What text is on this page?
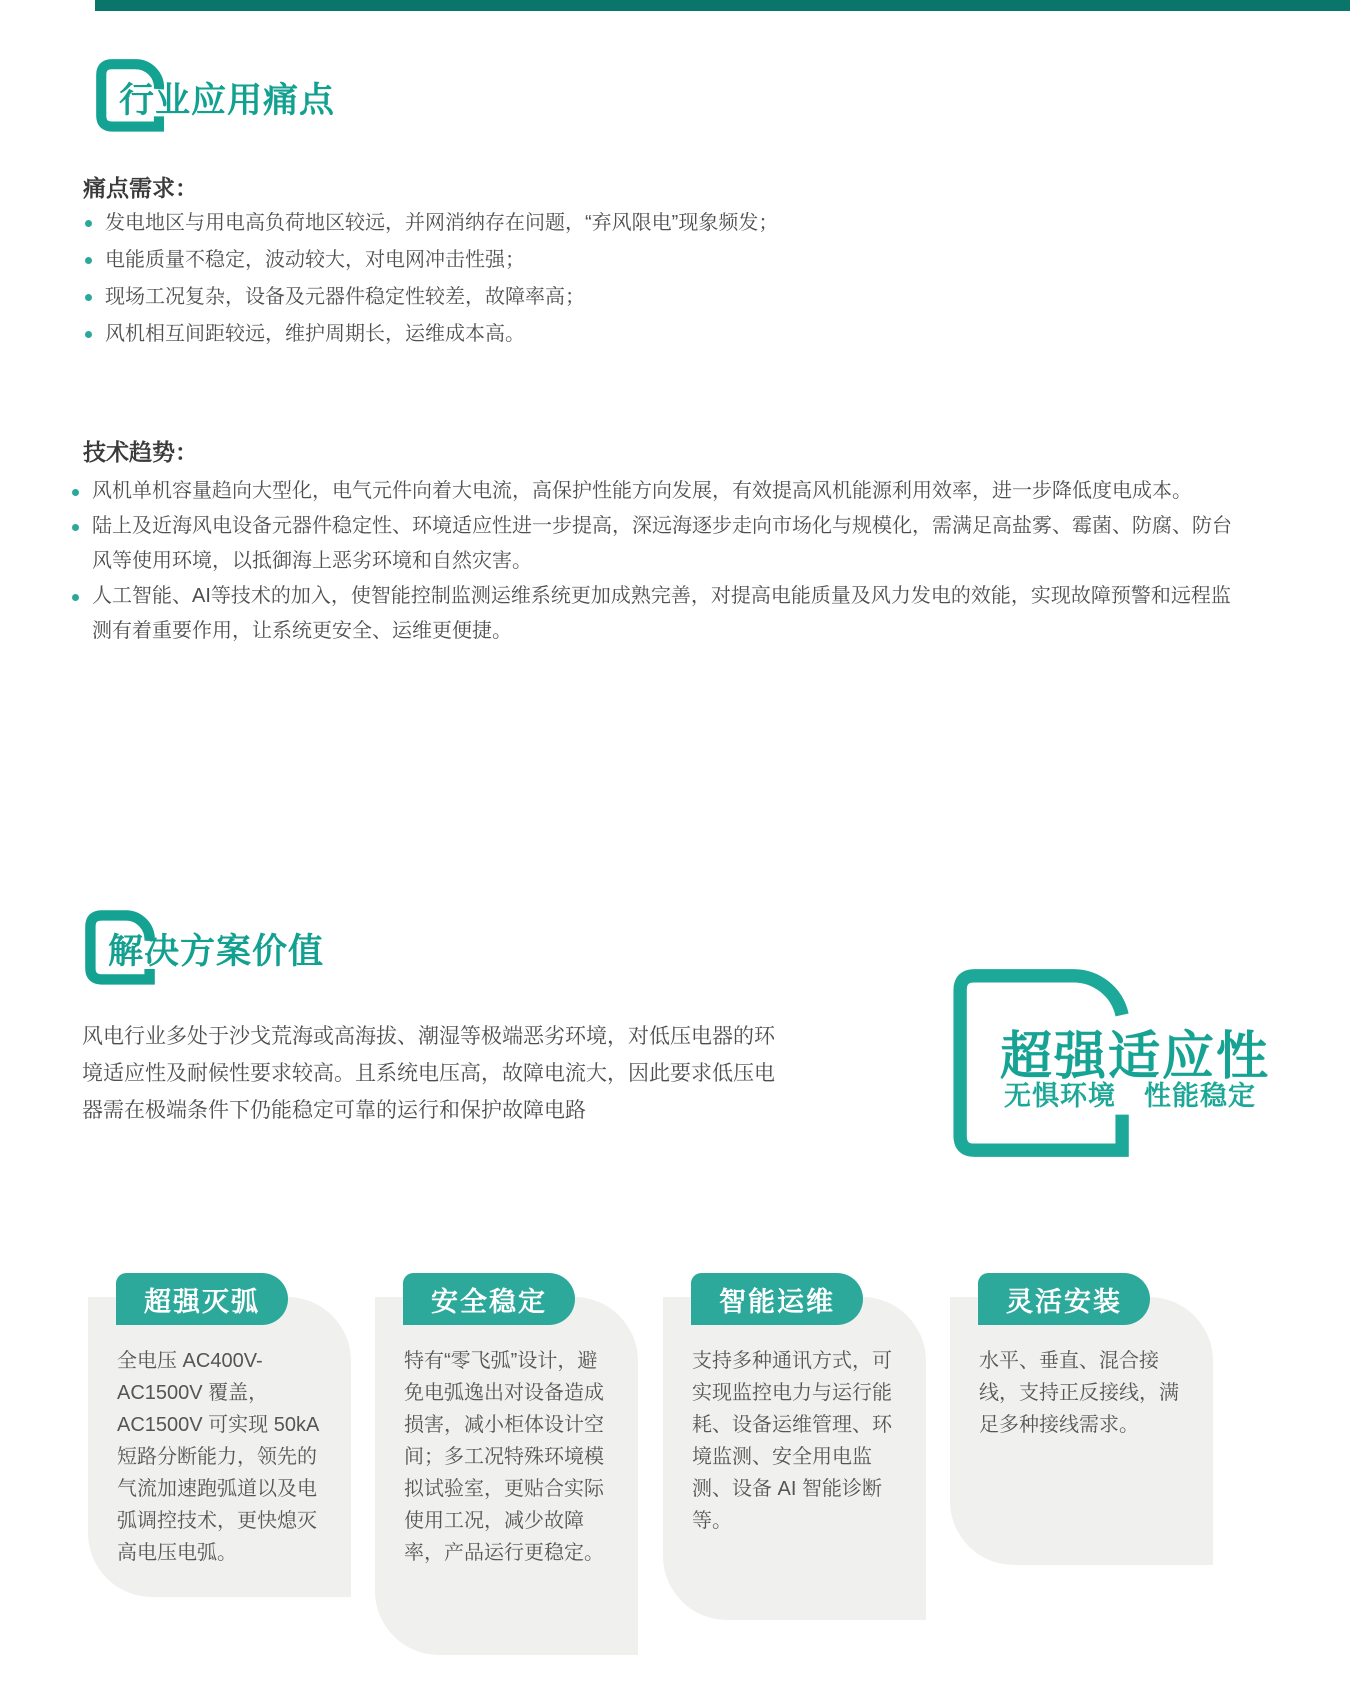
行业应用痛点
痛点需求：
发电地区与用电高负荷地区较远，并网消纳存在问题，“弃风限电”现象频发；
电能质量不稳定，波动较大，对电网冲击性强；
现场工况复杂，设备及元器件稳定性较差，故障率高；
风机相互间距较远，维护周期长，运维成本高。
技术趋势：
风机单机容量趋向大型化，电气元件向着大电流，高保护性能方向发展，有效提高风机能源利用效率，进一步降低度电成本。
陆上及近海风电设备元器件稳定性、环境适应性进一步提高，深远海逐步走向市场化与规模化，需满足高盐雾、霉菌、防腐、防台风等使用环境，以抵御海上恶劣环境和自然灾害。
人工智能、AI等技术的加入，使智能控制监测运维系统更加成熟完善，对提高电能质量及风力发电的效能，实现故障预警和远程监测有着重要作用，让系统更安全、运维更便捷。
解决方案价值
风电行业多处于沙戈荒海或高海拔、潮湿等极端恶劣环境，对低压电器的环境适应性及耐候性要求较高。且系统电压高，故障电流大，因此要求低压电器需在极端条件下仍能稳定可靠的运行和保护故障电路
超强适应性
无惧环境　性能稳定
超强灭弧
全电压 AC400V-AC1500V 覆盖，AC1500V 可实现 50kA 短路分断能力，领先的气流加速跑弧道以及电弧调控技术，更快熄灭高电压电弧。
安全稳定
特有“零飞弧”设计，避免电弧逸出对设备造成损害，减小柜体设计空间；多工况特殊环境模拟试验室，更贴合实际使用工况，减少故障率，产品运行更稳定。
智能运维
支持多种通讯方式，可实现监控电力与运行能耗、设备运维管理、环境监测、安全用电监测、设备 AI 智能诊断等。
灵活安装
水平、垂直、混合接线，支持正反接线，满足多种接线需求。
